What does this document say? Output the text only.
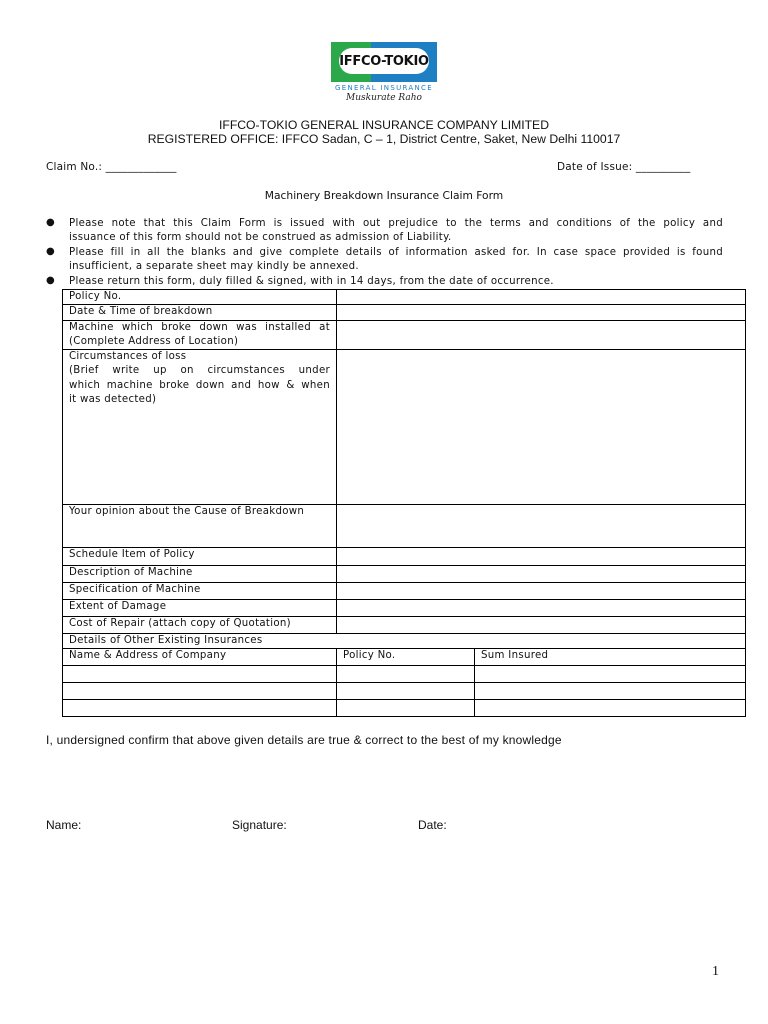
IFFCO-TOKIO
GENERAL INSURANCE
Muskurate Raho
IFFCO-TOKIO GENERAL INSURANCE COMPANY LIMITED
REGISTERED OFFICE: IFFCO Sadan, C – 1, District Centre, Saket, New Delhi 110017
Claim No.: _____________	Date of Issue: __________
Machinery Breakdown Insurance Claim Form
● Please note that this Claim Form is issued with out prejudice to the terms and conditions of the policy and
issuance of this form should not be construed as admission of Liability.
● Please fill in all the blanks and give complete details of information asked for. In case space provided is found
insufficient, a separate sheet may kindly be annexed.
● Please return this form, duly filled & signed, with in 14 days, from the date of occurrence.
Policy No.		
Date & Time of breakdown		

Machine which broke down was installed at
(Complete Address of Location)		

Circumstances of loss
(Brief write up on circumstances under
which machine broke down and how & when
it was detected)		

Your opinion about the Cause of Breakdown		
Schedule Item of Policy		
Description of Machine		
Specification of Machine		
Extent of Damage		
Cost of Repair (attach copy of Quotation)		
Details of Other Existing Insurances		
Name & Address of Company	Policy No.	Sum Insured

I, undersigned confirm that above given details are true & correct to the best of my knowledge
Name:	Signature:	Date:
1
